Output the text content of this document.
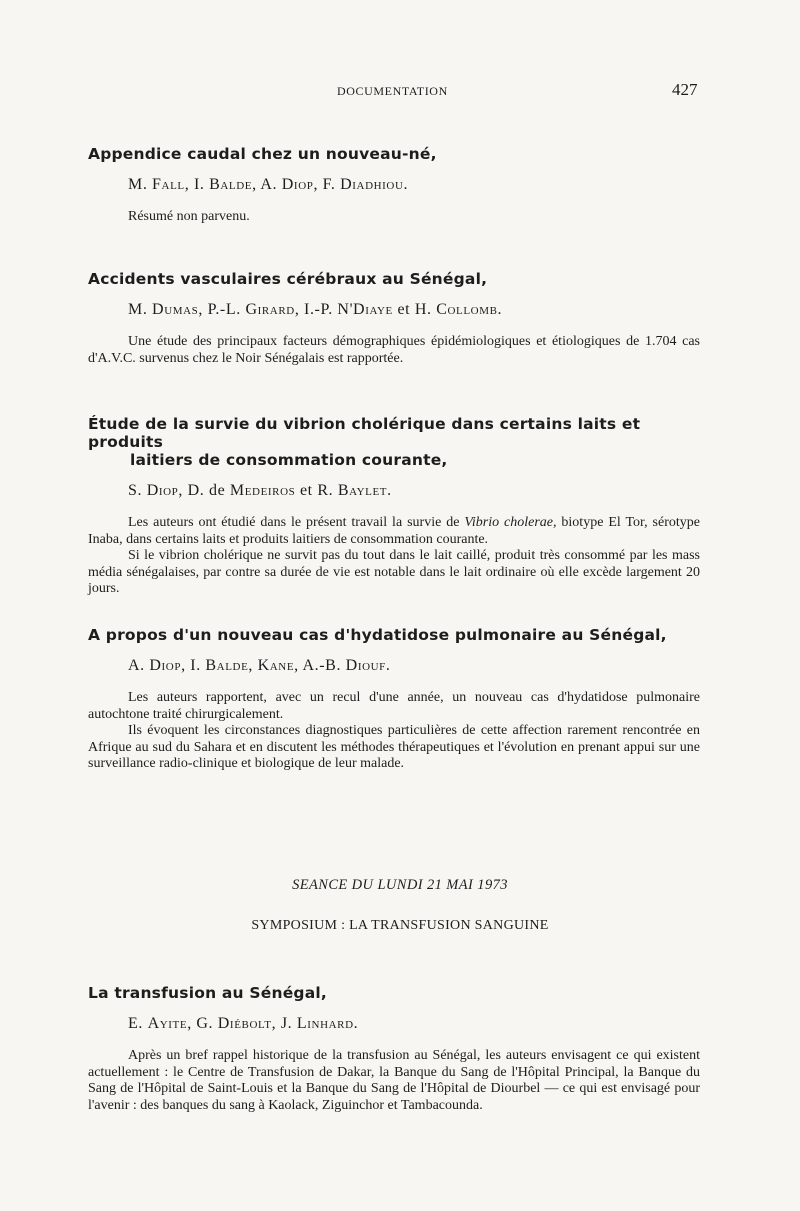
DOCUMENTATION	427
Appendice caudal chez un nouveau-né,
M. Fall, I. Balde, A. Diop, F. Diadhiou.

Résumé non parvenu.

Accidents vasculaires cérébraux au Sénégal,
M. Dumas, P.-L. Girard, I.-P. N'Diaye et H. Collomb.

Une étude des principaux facteurs démographiques épidémiologiques et étiologiques de 1.704 cas d'A.V.C. survenus chez le Noir Sénégalais est rapportée.

Étude de la survie du vibrion cholérique dans certains laits et produits
laitiers de consommation courante,
S. Diop, D. de Medeiros et R. Baylet.

Les auteurs ont étudié dans le présent travail la survie de Vibrio cholerae, biotype El Tor, sérotype Inaba, dans certains laits et produits laitiers de consommation courante.

Si le vibrion cholérique ne survit pas du tout dans le lait caillé, produit très consommé par les mass média sénégalaises, par contre sa durée de vie est notable dans le lait ordinaire où elle excède largement 20 jours.

A propos d'un nouveau cas d'hydatidose pulmonaire au Sénégal,
A. Diop, I. Balde, Kane, A.-B. Diouf.

Les auteurs rapportent, avec un recul d'une année, un nouveau cas d'hydatidose pulmonaire autochtone traité chirurgicalement.

Ils évoquent les circonstances diagnostiques particulières de cette affection rarement rencontrée en Afrique au sud du Sahara et en discutent les méthodes thérapeutiques et l'évolution en prenant appui sur une surveillance radio-clinique et biologique de leur malade.

SEANCE DU LUNDI 21 MAI 1973
SYMPOSIUM : LA TRANSFUSION SANGUINE
La transfusion au Sénégal,
E. Ayite, G. Diébolt, J. Linhard.

Après un bref rappel historique de la transfusion au Sénégal, les auteurs envisagent ce qui existent actuellement : le Centre de Transfusion de Dakar, la Banque du Sang de l'Hôpital Principal, la Banque du Sang de l'Hôpital de Saint-Louis et la Banque du Sang de l'Hôpital de Diourbel — ce qui est envisagé pour l'avenir : des banques du sang à Kaolack, Ziguinchor et Tambacounda.
